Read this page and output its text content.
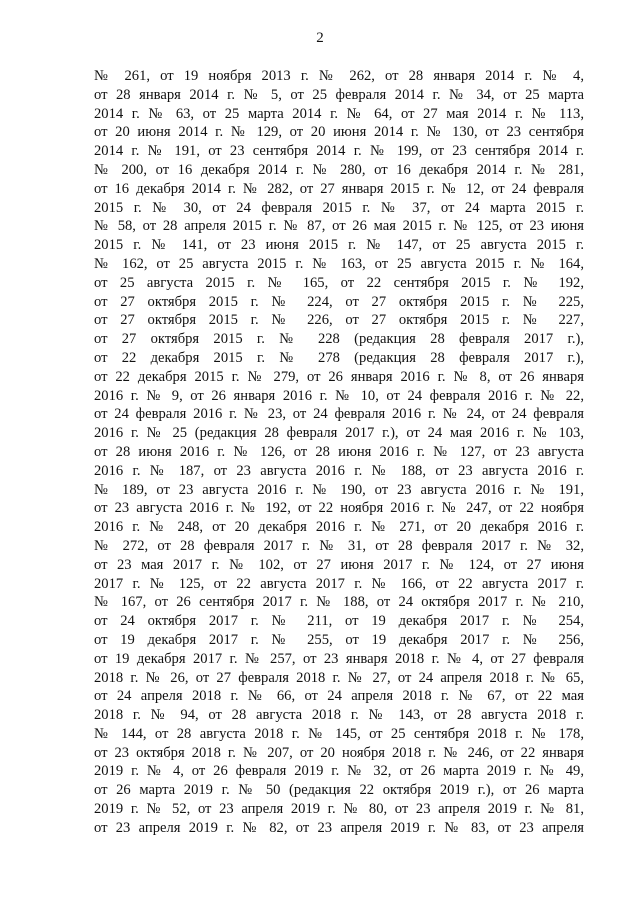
2
№ 261, от 19 ноября 2013 г. № 262, от 28 января 2014 г. № 4,
от 28 января 2014 г. № 5, от 25 февраля 2014 г. № 34, от 25 марта
2014 г. № 63, от 25 марта 2014 г. № 64, от 27 мая 2014 г. № 113,
от 20 июня 2014 г. № 129, от 20 июня 2014 г. № 130, от 23 сентября
2014 г. № 191, от 23 сентября 2014 г. № 199, от 23 сентября 2014 г.
№ 200, от 16 декабря 2014 г. № 280, от 16 декабря 2014 г. № 281,
от 16 декабря 2014 г. № 282, от 27 января 2015 г. № 12, от 24 февраля
2015 г. № 30, от 24 февраля 2015 г. № 37, от 24 марта 2015 г.
№ 58, от 28 апреля 2015 г. № 87, от 26 мая 2015 г. № 125, от 23 июня
2015 г. № 141, от 23 июня 2015 г. № 147, от 25 августа 2015 г.
№ 162, от 25 августа 2015 г. № 163, от 25 августа 2015 г. № 164,
от 25 августа 2015 г. № 165, от 22 сентября 2015 г. № 192,
от 27 октября 2015 г. № 224, от 27 октября 2015 г. № 225,
от 27 октября 2015 г. № 226, от 27 октября 2015 г. № 227,
от 27 октября 2015 г. № 228 (редакция 28 февраля 2017 г.),
от 22 декабря 2015 г. № 278 (редакция 28 февраля 2017 г.),
от 22 декабря 2015 г. № 279, от 26 января 2016 г. № 8, от 26 января
2016 г. № 9, от 26 января 2016 г. № 10, от 24 февраля 2016 г. № 22,
от 24 февраля 2016 г. № 23, от 24 февраля 2016 г. № 24, от 24 февраля
2016 г. № 25 (редакция 28 февраля 2017 г.), от 24 мая 2016 г. № 103,
от 28 июня 2016 г. № 126, от 28 июня 2016 г. № 127, от 23 августа
2016 г. № 187, от 23 августа 2016 г. № 188, от 23 августа 2016 г.
№ 189, от 23 августа 2016 г. № 190, от 23 августа 2016 г. № 191,
от 23 августа 2016 г. № 192, от 22 ноября 2016 г. № 247, от 22 ноября
2016 г. № 248, от 20 декабря 2016 г. № 271, от 20 декабря 2016 г.
№ 272, от 28 февраля 2017 г. № 31, от 28 февраля 2017 г. № 32,
от 23 мая 2017 г. № 102, от 27 июня 2017 г. № 124, от 27 июня
2017 г. № 125, от 22 августа 2017 г. № 166, от 22 августа 2017 г.
№ 167, от 26 сентября 2017 г. № 188, от 24 октября 2017 г. № 210,
от 24 октября 2017 г. № 211, от 19 декабря 2017 г. № 254,
от 19 декабря 2017 г. № 255, от 19 декабря 2017 г. № 256,
от 19 декабря 2017 г. № 257, от 23 января 2018 г. № 4, от 27 февраля
2018 г. № 26, от 27 февраля 2018 г. № 27, от 24 апреля 2018 г. № 65,
от 24 апреля 2018 г. № 66, от 24 апреля 2018 г. № 67, от 22 мая
2018 г. № 94, от 28 августа 2018 г. № 143, от 28 августа 2018 г.
№ 144, от 28 августа 2018 г. № 145, от 25 сентября 2018 г. № 178,
от 23 октября 2018 г. № 207, от 20 ноября 2018 г. № 246, от 22 января
2019 г. № 4, от 26 февраля 2019 г. № 32, от 26 марта 2019 г. № 49,
от 26 марта 2019 г. № 50 (редакция 22 октября 2019 г.), от 26 марта
2019 г. № 52, от 23 апреля 2019 г. № 80, от 23 апреля 2019 г. № 81,
от 23 апреля 2019 г. № 82, от 23 апреля 2019 г. № 83, от 23 апреля
